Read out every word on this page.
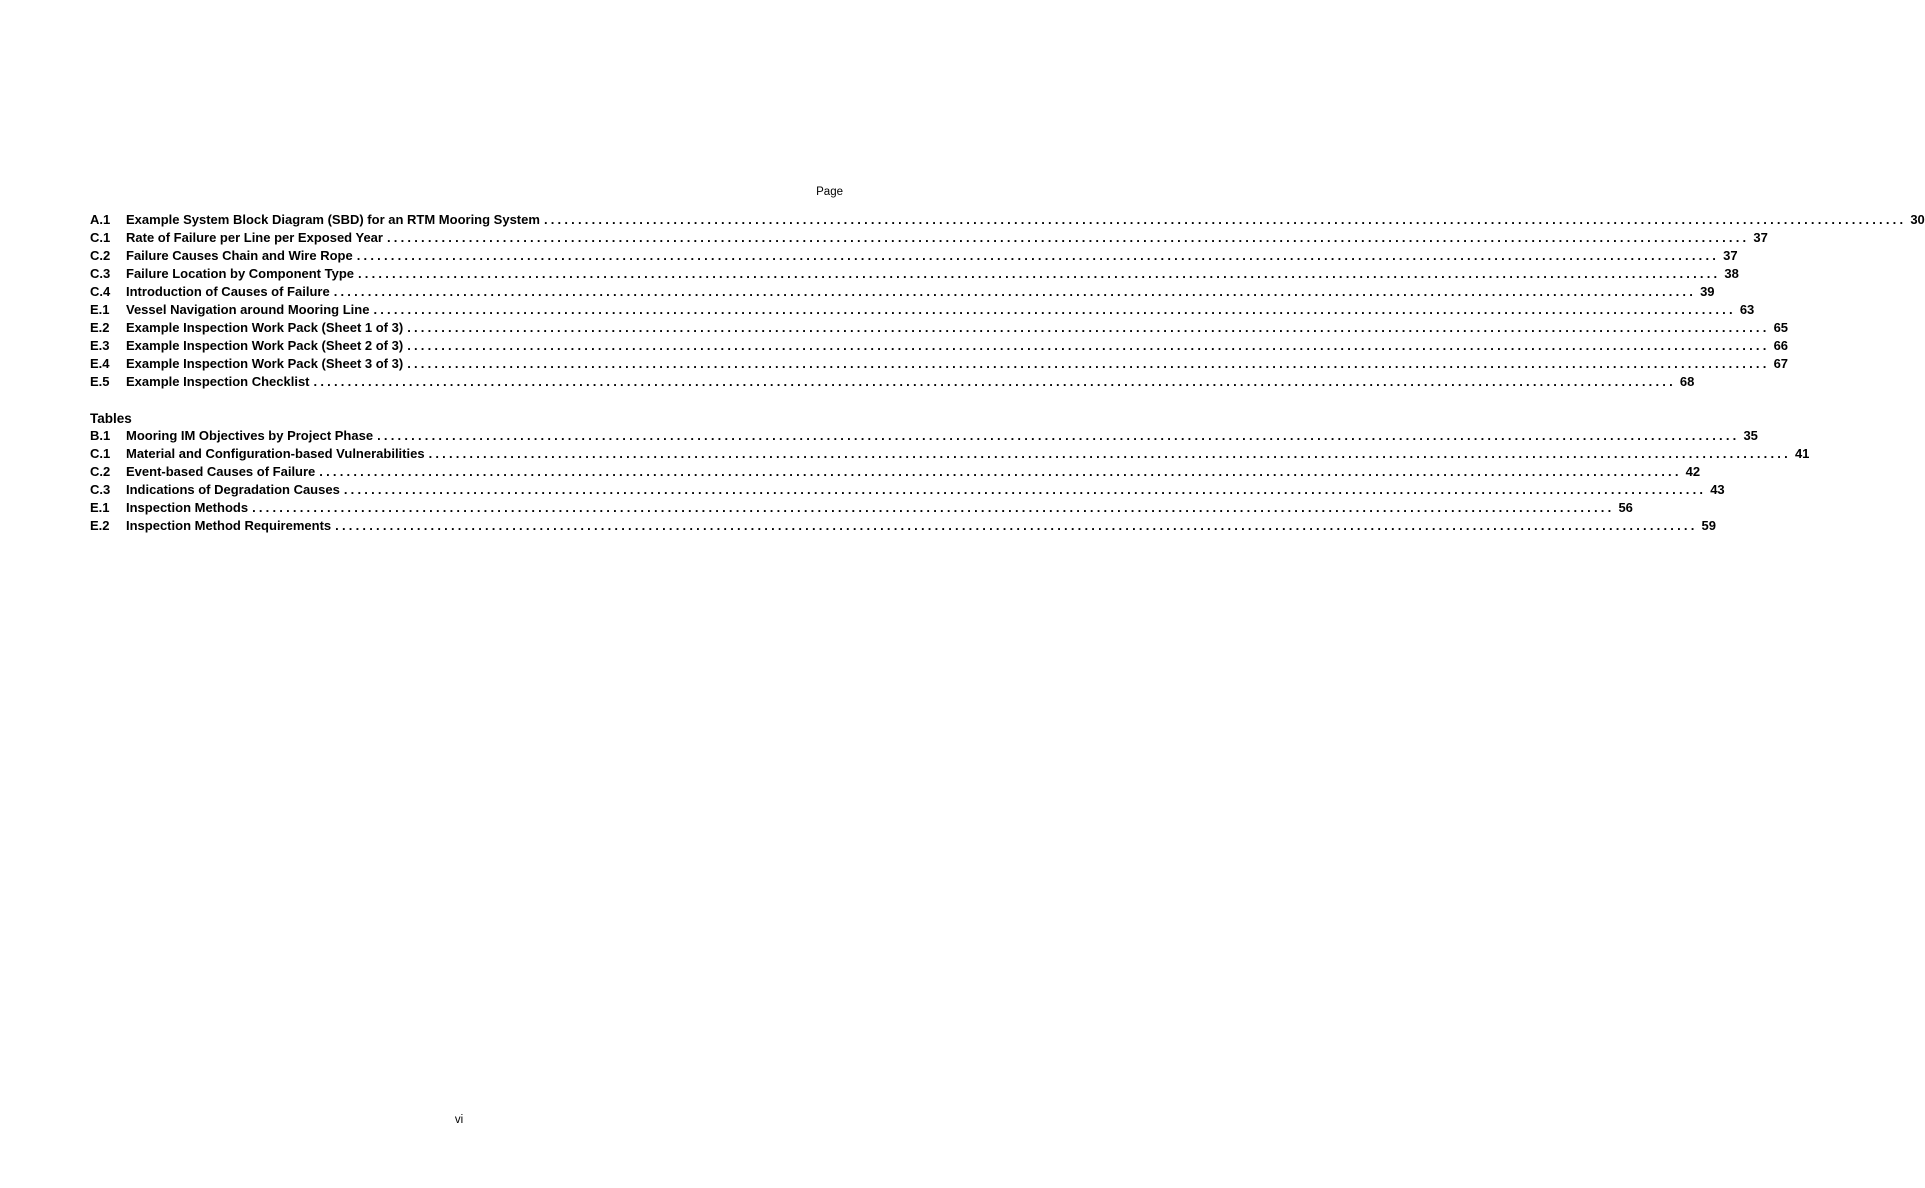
Page
A.1	Example System Block Diagram (SBD) for an RTM Mooring System ........................................................................................................................................................................................................ 30
C.1	Rate of Failure per Line per Exposed Year ........................................................................................................................................................................................................ 37
C.2	Failure Causes Chain and Wire Rope ........................................................................................................................................................................................................ 37
C.3	Failure Location by Component Type ........................................................................................................................................................................................................ 38
C.4	Introduction of Causes of Failure ........................................................................................................................................................................................................ 39
E.1	Vessel Navigation around Mooring Line ........................................................................................................................................................................................................ 63
E.2	Example Inspection Work Pack (Sheet 1 of 3) ........................................................................................................................................................................................................ 65
E.3	Example Inspection Work Pack (Sheet 2 of 3) ........................................................................................................................................................................................................ 66
E.4	Example Inspection Work Pack (Sheet 3 of 3) ........................................................................................................................................................................................................ 67
E.5	Example Inspection Checklist ........................................................................................................................................................................................................ 68
Tables
B.1	Mooring IM Objectives by Project Phase ........................................................................................................................................................................................................ 35
C.1	Material and Configuration-based Vulnerabilities ........................................................................................................................................................................................................ 41
C.2	Event-based Causes of Failure ........................................................................................................................................................................................................ 42
C.3	Indications of Degradation Causes ........................................................................................................................................................................................................ 43
E.1	Inspection Methods ........................................................................................................................................................................................................ 56
E.2	Inspection Method Requirements ........................................................................................................................................................................................................ 59
vi
